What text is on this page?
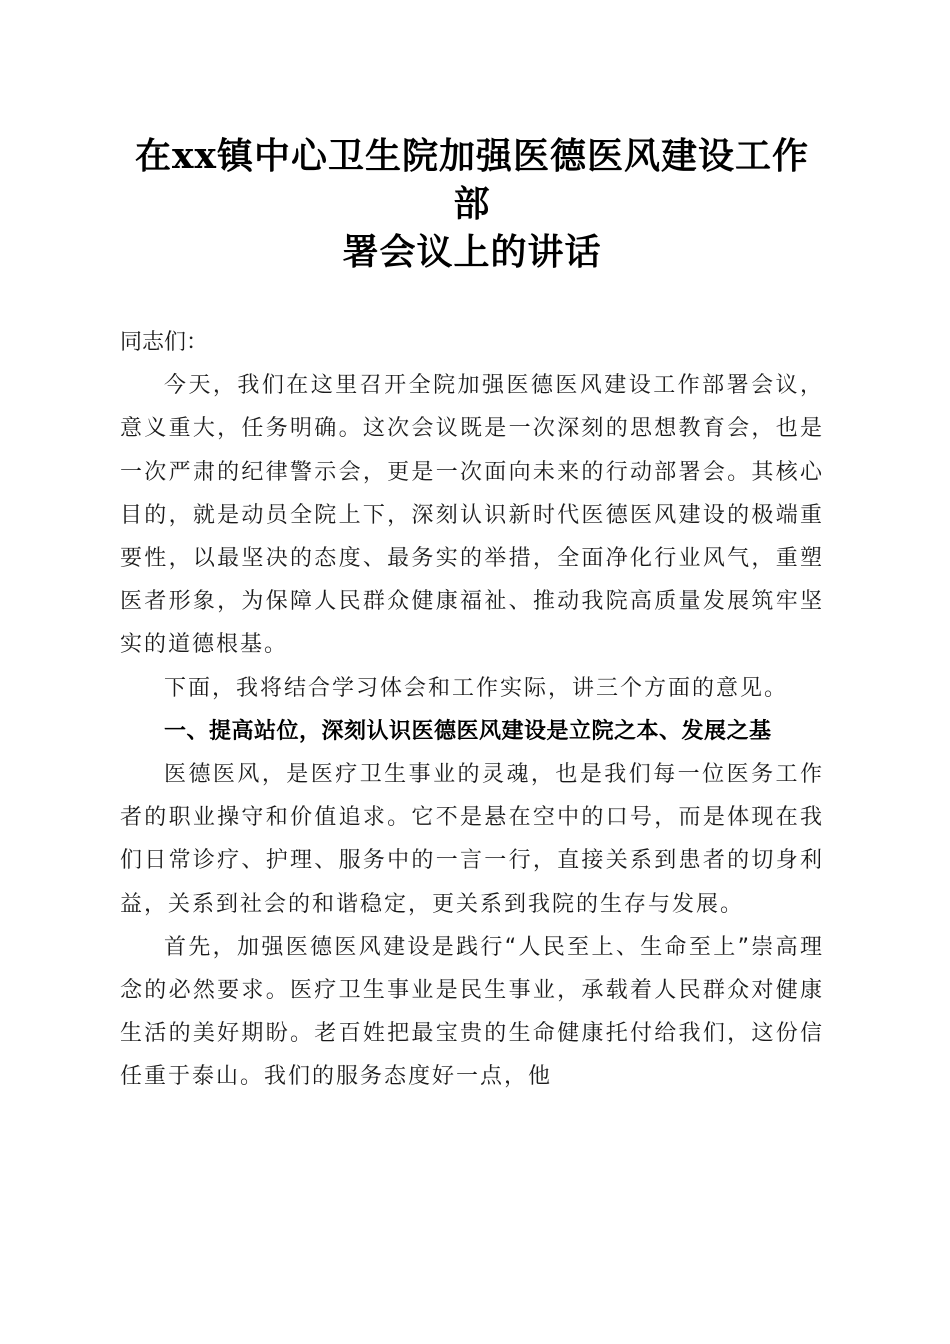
在xx镇中心卫生院加强医德医风建设工作部
署会议上的讲话

同志们：

今天，我们在这里召开全院加强医德医风建设工作部署会议，意义重大，任务明确。这次会议既是一次深刻的思想教育会，也是一次严肃的纪律警示会，更是一次面向未来的行动部署会。其核心目的，就是动员全院上下，深刻认识新时代医德医风建设的极端重要性，以最坚决的态度、最务实的举措，全面净化行业风气，重塑医者形象，为保障人民群众健康福祉、推动我院高质量发展筑牢坚实的道德根基。

下面，我将结合学习体会和工作实际，讲三个方面的意见。

一、提高站位，深刻认识医德医风建设是立院之本、发展之基

医德医风，是医疗卫生事业的灵魂，也是我们每一位医务工作者的职业操守和价值追求。它不是悬在空中的口号，而是体现在我们日常诊疗、护理、服务中的一言一行，直接关系到患者的切身利益，关系到社会的和谐稳定，更关系到我院的生存与发展。

首先，加强医德医风建设是践行“人民至上、生命至上”崇高理念的必然要求。医疗卫生事业是民生事业，承载着人民群众对健康生活的美好期盼。老百姓把最宝贵的生命健康托付给我们，这份信任重于泰山。我们的服务态度好一点，他
